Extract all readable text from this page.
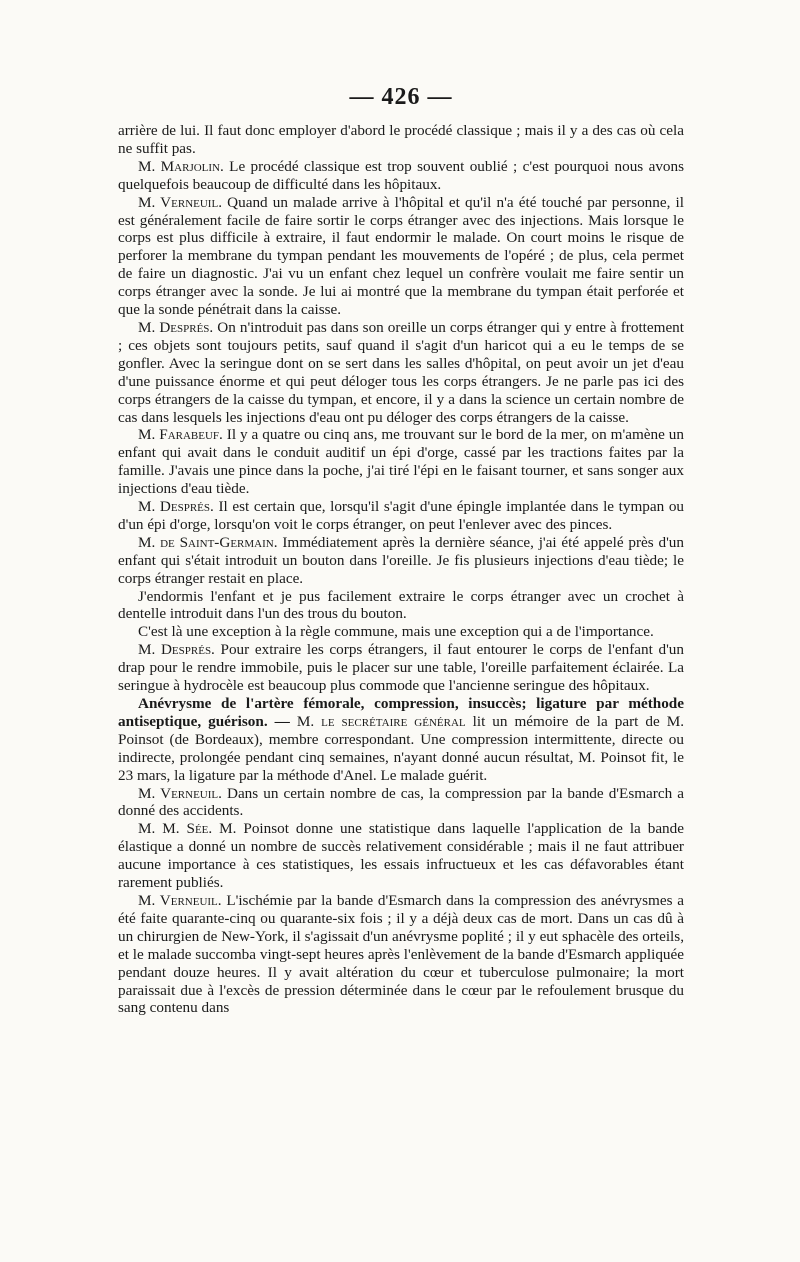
— 426 —

arrière de lui. Il faut donc employer d'abord le procédé classique ; mais il y a des cas où cela ne suffit pas.

M. Marjolin. Le procédé classique est trop souvent oublié ; c'est pourquoi nous avons quelquefois beaucoup de difficulté dans les hôpitaux.

M. Verneuil. Quand un malade arrive à l'hôpital et qu'il n'a été touché par personne, il est généralement facile de faire sortir le corps étranger avec des injections. Mais lorsque le corps est plus difficile à extraire, il faut endormir le malade. On court moins le risque de perforer la membrane du tympan pendant les mouvements de l'opéré ; de plus, cela permet de faire un diagnostic. J'ai vu un enfant chez lequel un confrère voulait me faire sentir un corps étranger avec la sonde. Je lui ai montré que la membrane du tympan était perforée et que la sonde pénétrait dans la caisse.

M. Després. On n'introduit pas dans son oreille un corps étranger qui y entre à frottement ; ces objets sont toujours petits, sauf quand il s'agit d'un haricot qui a eu le temps de se gonfler. Avec la seringue dont on se sert dans les salles d'hôpital, on peut avoir un jet d'eau d'une puissance énorme et qui peut déloger tous les corps étrangers. Je ne parle pas ici des corps étrangers de la caisse du tympan, et encore, il y a dans la science un certain nombre de cas dans lesquels les injections d'eau ont pu déloger des corps étrangers de la caisse.

M. Farabeuf. Il y a quatre ou cinq ans, me trouvant sur le bord de la mer, on m'amène un enfant qui avait dans le conduit auditif un épi d'orge, cassé par les tractions faites par la famille. J'avais une pince dans la poche, j'ai tiré l'épi en le faisant tourner, et sans songer aux injections d'eau tiède.

M. Després. Il est certain que, lorsqu'il s'agit d'une épingle implantée dans le tympan ou d'un épi d'orge, lorsqu'on voit le corps étranger, on peut l'enlever avec des pinces.

M. de Saint-Germain. Immédiatement après la dernière séance, j'ai été appelé près d'un enfant qui s'était introduit un bouton dans l'oreille. Je fis plusieurs injections d'eau tiède; le corps étranger restait en place.

J'endormis l'enfant et je pus facilement extraire le corps étranger avec un crochet à dentelle introduit dans l'un des trous du bouton.

C'est là une exception à la règle commune, mais une exception qui a de l'importance.

M. Després. Pour extraire les corps étrangers, il faut entourer le corps de l'enfant d'un drap pour le rendre immobile, puis le placer sur une table, l'oreille parfaitement éclairée. La seringue à hydrocèle est beaucoup plus commode que l'ancienne seringue des hôpitaux.

Anévrysme de l'artère fémorale, compression, insuccès; ligature par méthode antiseptique, guérison. — M. le secrétaire général lit un mémoire de la part de M. Poinsot (de Bordeaux), membre correspondant. Une compression intermittente, directe ou indirecte, prolongée pendant cinq semaines, n'ayant donné aucun résultat, M. Poinsot fit, le 23 mars, la ligature par la méthode d'Anel. Le malade guérit.

M. Verneuil. Dans un certain nombre de cas, la compression par la bande d'Esmarch a donné des accidents.

M. M. Sée. M. Poinsot donne une statistique dans laquelle l'application de la bande élastique a donné un nombre de succès relativement considérable ; mais il ne faut attribuer aucune importance à ces statistiques, les essais infructueux et les cas défavorables étant rarement publiés.

M. Verneuil. L'ischémie par la bande d'Esmarch dans la compression des anévrysmes a été faite quarante-cinq ou quarante-six fois ; il y a déjà deux cas de mort. Dans un cas dû à un chirurgien de New-York, il s'agissait d'un anévrysme poplité ; il y eut sphacèle des orteils, et le malade succomba vingt-sept heures après l'enlèvement de la bande d'Esmarch appliquée pendant douze heures. Il y avait altération du cœur et tuberculose pulmonaire; la mort paraissait due à l'excès de pression déterminée dans le cœur par le refoulement brusque du sang contenu dans
